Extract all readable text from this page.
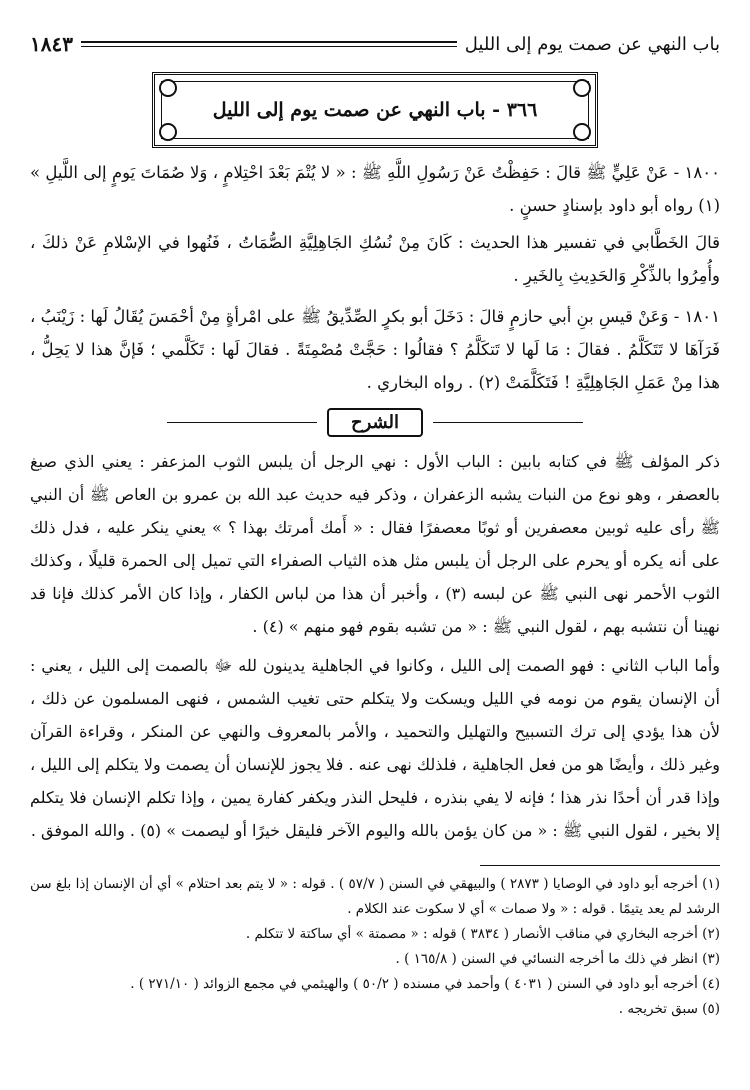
باب النهي عن صمت يوم إلى الليل
١٨٤٣
٣٦٦ - باب النهي عن صمت يوم إلى الليل

١٨٠٠ - عَنْ عَلِيٍّ ﷺ قالَ : حَفِظْتُ عَنْ رَسُولِ اللَّهِ ﷺ : « لا يُتْمَ بَعْدَ احْتِلامٍ ، وَلا صُمَاتَ يَومٍ إلى اللَّيلِ » (١) رواه أبو داود بإسنادٍ حسنٍ .

قالَ الخَطَّابي في تفسير هذا الحديث : كَانَ مِنْ نُسُكِ الجَاهِلِيَّةِ الصُّمَاتُ ، فَنُهوا في الإسْلامِ عَنْ ذلكَ ، وأُمِرُوا بالذِّكْرِ وَالحَدِيثِ بِالخَيرِ .

١٨٠١ - وَعَنْ قيسِ بنِ أبي حازمٍ قالَ : دَخَلَ أبو بكرٍ الصِّدِّيقُ ﷺ على امْرأةٍ مِنْ أحْمَسَ يُقَالُ لَها : زَيْنَبُ ، فَرَآهَا لا تَتَكَلَّمُ . فقالَ : مَا لَها لا تَتكَلَّمُ ؟ فقالُوا : حَجَّتْ مُصْمِتَةً . فقالَ لَها : تَكَلَّمي ؛ فَإنَّ هذا لا يَحِلُّ ، هذا مِنْ عَمَلِ الجَاهِلِيَّةِ ! فَتَكَلَّمَتْ (٢) . رواه البخاري .

الشرح

ذكر المؤلف ﷺ في كتابه بابين : الباب الأول : نهي الرجل أن يلبس الثوب المزعفر : يعني الذي صبغ بالعصفر ، وهو نوع من النبات يشبه الزعفران ، وذكر فيه حديث عبد الله بن عمرو بن العاص ﷺ أن النبي ﷺ رأى عليه ثوبين معصفرين أو ثوبًا معصفرًا فقال : « أَمك أمرتك بهذا ؟ » يعني ينكر عليه ، فدل ذلك على أنه يكره أو يحرم على الرجل أن يلبس مثل هذه الثياب الصفراء التي تميل إلى الحمرة قليلًا ، وكذلك الثوب الأحمر نهى النبي ﷺ عن لبسه (٣) ، وأخبر أن هذا من لباس الكفار ، وإذا كان الأمر كذلك فإنا قد نهينا أن نتشبه بهم ، لقول النبي ﷺ : « من تشبه بقوم فهو منهم » (٤) .

وأما الباب الثاني : فهو الصمت إلى الليل ، وكانوا في الجاهلية يدينون لله ﷻ بالصمت إلى الليل ، يعني : أن الإنسان يقوم من نومه في الليل ويسكت ولا يتكلم حتى تغيب الشمس ، فنهى المسلمون عن ذلك ، لأن هذا يؤدي إلى ترك التسبيح والتهليل والتحميد ، والأمر بالمعروف والنهي عن المنكر ، وقراءة القرآن وغير ذلك ، وأيضًا هو من فعل الجاهلية ، فلذلك نهى عنه . فلا يجوز للإنسان أن يصمت ولا يتكلم إلى الليل ، وإذا قدر أن أحدًا نذر هذا ؛ فإنه لا يفي بنذره ، فليحل النذر ويكفر كفارة يمين ، وإذا تكلم الإنسان فلا يتكلم إلا بخير ، لقول النبي ﷺ : « من كان يؤمن بالله واليوم الآخر فليقل خيرًا أو ليصمت » (٥) . والله الموفق .

(١) أخرجه أبو داود في الوصايا ( ٢٨٧٣ ) والبيهقي في السنن ( ٥٧/٧ ) . قوله : « لا يتم بعد احتلام » أي أن الإنسان إذا بلغ سن الرشد لم يعد يتيمًا . قوله : « ولا صمات » أي لا سكوت عند الكلام .

(٢) أخرجه البخاري في مناقب الأنصار ( ٣٨٣٤ ) قوله : « مصمتة » أي ساكتة لا تتكلم .

(٣) انظر في ذلك ما أخرجه النسائي في السنن ( ١٦٥/٨ ) .

(٤) أخرجه أبو داود في السنن ( ٤٠٣١ ) وأحمد في مسنده ( ٥٠/٢ ) والهيثمي في مجمع الزوائد ( ٢٧١/١٠ ) .

(٥) سبق تخريجه .
